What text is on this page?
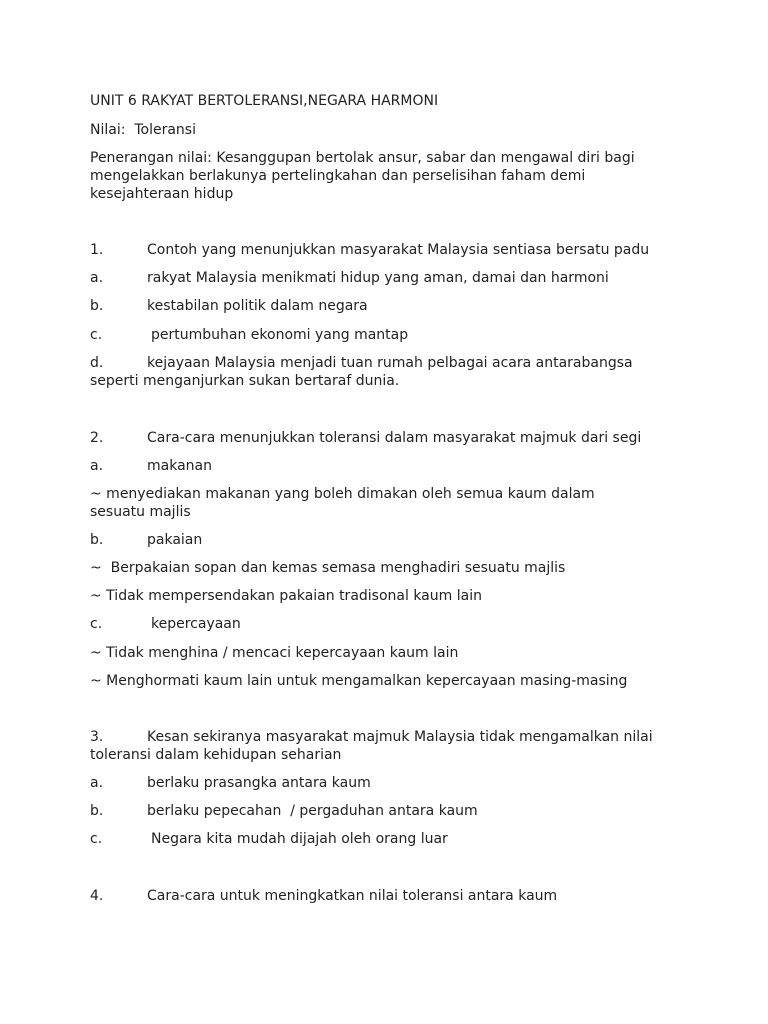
UNIT 6 RAKYAT BERTOLERANSI,NEGARA HARMONI

Nilai: Toleransi

Penerangan nilai: Kesanggupan bertolak ansur, sabar dan mengawal diri bagi mengelakkan berlakunya pertelingkahan dan perselisihan faham demi kesejahteraan hidup

1.	Contoh yang menunjukkan masyarakat Malaysia sentiasa bersatu padu

a.	rakyat Malaysia menikmati hidup yang aman, damai dan harmoni

b.	kestabilan politik dalam negara

c.	pertumbuhan ekonomi yang mantap

d.	kejayaan Malaysia menjadi tuan rumah pelbagai acara antarabangsa

seperti menganjurkan sukan bertaraf dunia.

2.	Cara-cara menunjukkan toleransi dalam masyarakat majmuk dari segi

a.	makanan

~ menyediakan makanan yang boleh dimakan oleh semua kaum dalam sesuatu majlis

b.	pakaian

~  Berpakaian sopan dan kemas semasa menghadiri sesuatu majlis

~ Tidak mempersendakan pakaian tradisonal kaum lain

c.	kepercayaan

~ Tidak menghina / mencaci kepercayaan kaum lain

~ Menghormati kaum lain untuk mengamalkan kepercayaan masing-masing

3.	Kesan sekiranya masyarakat majmuk Malaysia tidak mengamalkan nilai

toleransi dalam kehidupan seharian

a.	berlaku prasangka antara kaum

b.	berlaku pepecahan  / pergaduhan antara kaum

c.	Negara kita mudah dijajah oleh orang luar

4.	Cara-cara untuk meningkatkan nilai toleransi antara kaum
